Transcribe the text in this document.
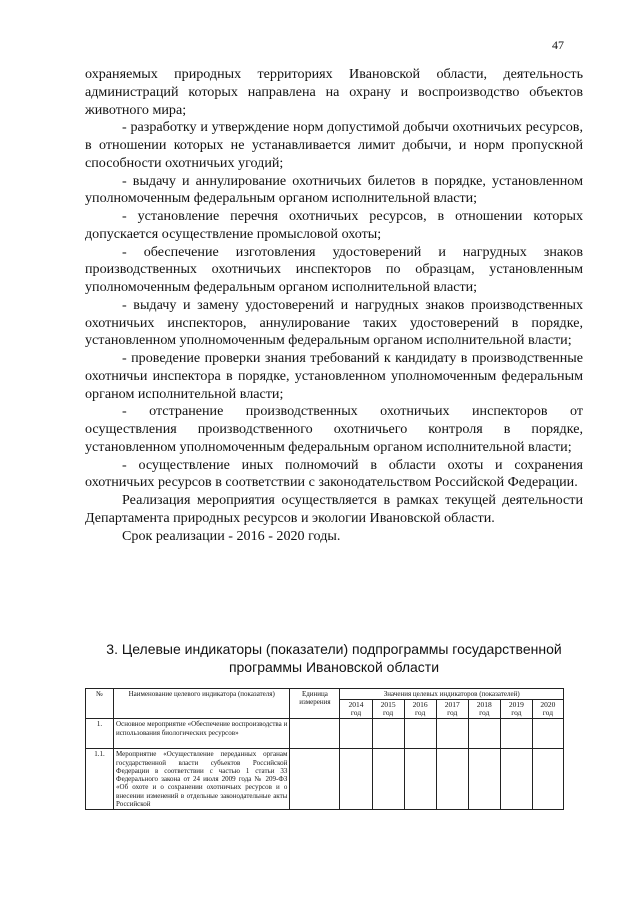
47

охраняемых природных территориях Ивановской области, деятельность администраций которых направлена на охрану и воспроизводство объектов животного мира;

- разработку и утверждение норм допустимой добычи охотничьих ресурсов, в отношении которых не устанавливается лимит добычи, и норм пропускной способности охотничьих угодий;

- выдачу и аннулирование охотничьих билетов в порядке, установленном уполномоченным федеральным органом исполнительной власти;

- установление перечня охотничьих ресурсов, в отношении которых допускается осуществление промысловой охоты;

- обеспечение изготовления удостоверений и нагрудных знаков производственных охотничьих инспекторов по образцам, установленным уполномоченным федеральным органом исполнительной власти;

- выдачу и замену удостоверений и нагрудных знаков производственных охотничьих инспекторов, аннулирование таких удостоверений в порядке, установленном уполномоченным федеральным органом исполнительной власти;

- проведение проверки знания требований к кандидату в производственные охотничьи инспектора в порядке, установленном уполномоченным федеральным органом исполнительной власти;

- отстранение производственных охотничьих инспекторов от осуществления производственного охотничьего контроля в порядке, установленном уполномоченным федеральным органом исполнительной власти;

- осуществление иных полномочий в области охоты и сохранения охотничьих ресурсов в соответствии с законодательством Российской Федерации.

Реализация мероприятия осуществляется в рамках текущей деятельности Департамента природных ресурсов и экологии Ивановской области.

Срок реализации - 2016 - 2020 годы.

3. Целевые индикаторы (показатели) подпрограммы государственной программы Ивановской области
№	Наименование целевого индикатора (показателя)	Единица измерения	Значения целевых индикаторов (показателей)						
			2014 год	2015 год	2016 год	2017 год	2018 год	2019 год	2020 год
1.	Основное мероприятие «Обеспечение воспроизводства и использования биологических ресурсов»								
1.1.	Мероприятие «Осуществление переданных органам государственной власти субъектов Российской Федерации в соответствии с частью 1 статьи 33 Федерального закона от 24 июля 2009 года № 209-ФЗ «Об охоте и о сохранении охотничьих ресурсов и о внесении изменений в отдельные законодательные акты Российской								
